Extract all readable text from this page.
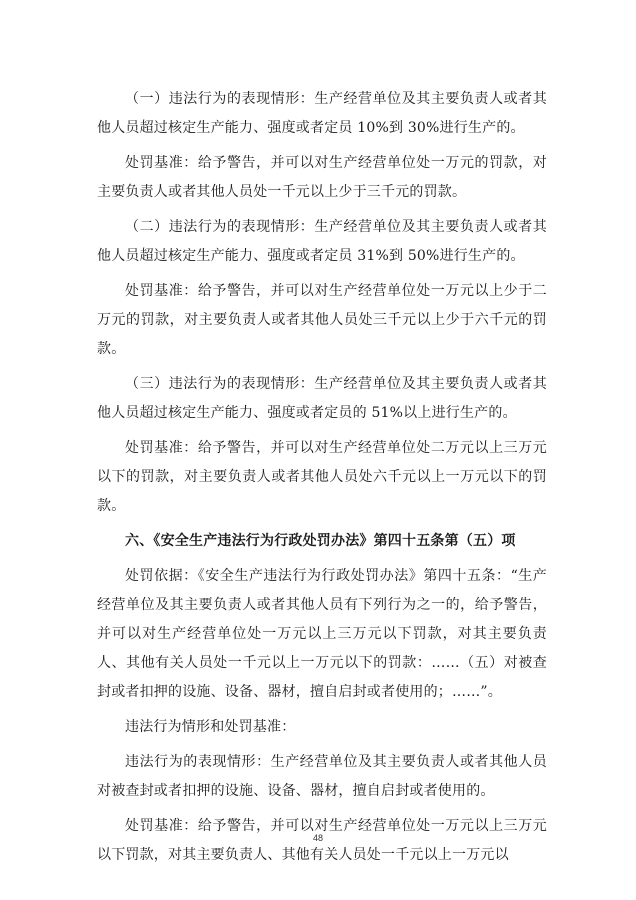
（一）违法行为的表现情形：生产经营单位及其主要负责人或者其他人员超过核定生产能力、强度或者定员 10%到 30%进行生产的。

处罚基准：给予警告，并可以对生产经营单位处一万元的罚款，对主要负责人或者其他人员处一千元以上少于三千元的罚款。

（二）违法行为的表现情形：生产经营单位及其主要负责人或者其他人员超过核定生产能力、强度或者定员 31%到 50%进行生产的。

处罚基准：给予警告，并可以对生产经营单位处一万元以上少于二万元的罚款，对主要负责人或者其他人员处三千元以上少于六千元的罚款。

（三）违法行为的表现情形：生产经营单位及其主要负责人或者其他人员超过核定生产能力、强度或者定员的 51%以上进行生产的。

处罚基准：给予警告，并可以对生产经营单位处二万元以上三万元以下的罚款，对主要负责人或者其他人员处六千元以上一万元以下的罚款。

六、《安全生产违法行为行政处罚办法》第四十五条第（五）项

处罚依据：《安全生产违法行为行政处罚办法》第四十五条：“生产经营单位及其主要负责人或者其他人员有下列行为之一的，给予警告，并可以对生产经营单位处一万元以上三万元以下罚款，对其主要负责人、其他有关人员处一千元以上一万元以下的罚款：……（五）对被查封或者扣押的设施、设备、器材，擅自启封或者使用的；……”。

违法行为情形和处罚基准：

违法行为的表现情形：生产经营单位及其主要负责人或者其他人员对被查封或者扣押的设施、设备、器材，擅自启封或者使用的。

处罚基准：给予警告，并可以对生产经营单位处一万元以上三万元以下罚款，对其主要负责人、其他有关人员处一千元以上一万元以

48
